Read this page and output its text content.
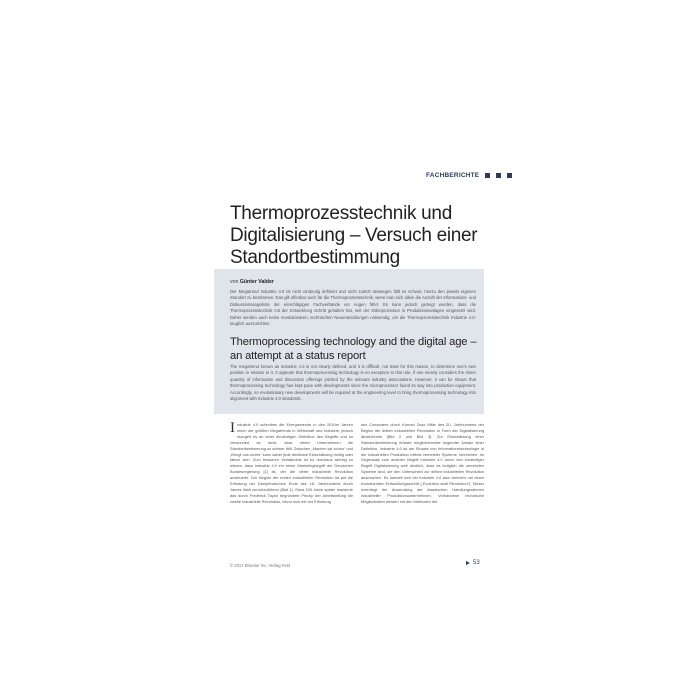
FACHBERICHTE
Thermoprozesstechnik und Digitalisierung – Versuch einer Standortbestimmung
von Günter Valder
Der Megatrend Industrie 4.0 ist nicht eindeutig definiert und nicht zuletzt deswegen fällt es schwer, hierzu den jeweils eigenen Standort zu bestimmen. Das gilt offenbar auch für die Thermoprozesstechnik, wenn man sich allein die Anzahl der Informations- und Diskussionsangebote der einschlägigen Fachverbände vor Augen führt. Es kann jedoch gezeigt werden, dass die Thermoprozesstechnik mit der Entwicklung Schritt gehalten hat, seit der Mikroprozessor in Produktionsanlagen eingesetzt wird. Daher werden auch keine revolutionären, technischen Neuentwicklungen notwendig, um die Thermoprozesstechnik Industrie 4.0-tauglich auszurichten.
Thermoprocessing technology and the digital age – an attempt at a status report
The megatrend known as Industrie 4.0 is not clearly defined, and it is difficult, not least for this reason, to determine one's own position in relation to it. It appears that thermoprocessing technology is no exception to this rule, if one merely considers the sheer quantity of information and discussion offerings pitched by the relevant industry associations. However, it can be shown that thermoprocessing technology has kept pace with developments since the microprocessor found its way into production equipment. Accordingly, no revolutionary new developments will be required at the engineering level to bring thermoprocessing technology into alignment with Industrie 4.0 standards.
I ndustrie 4.0 schreiben die Energiewende in den 2010er Jahren einen der größten Megatrends in Wirtschaft und Industrie, jedoch mangelt es an einer eindeutigen Definition des Begriffs und so verwundert es nicht, dass vielen Unternehmen die Standortbestimmung so schwer fällt. Zwischen „Machen wir schon“ und „Bringt uns nichts“ kann daher jede denkbare Einschätzung richtig oder falsch sein. Zum besseren Verständnis ist es durchaus wichtig zu wissen, dass Industrie 4.0 ein reiner Marketingbegriff der Deutschen Bundesregierung [1] ist, der die vierte industrielle Revolution ansteuerte. Der Beginn der ersten industriellen Revolution ist auf die Erfindung der Dampfmaschine Ende des 18. Jahrhunderts durch James Watt zurückzuführen (Bild 1). Etwa 100 Jahre später markierte das durch Frederick Taylor begründete Prinzip der Arbeitsteilung die zweite industrielle Revolution, bevor sich mit der Erfindung
des Computers durch Konrad Zuse Mitte des 20. Jahrhunderts der Beginn der dritten industriellen Revolution in Form der Digitalisierung abzeichnete (Bild 2 und Bild 3). Zur Einschätzung einer Standortbestimmung müsste möglicherweise folgender Ansatz einer Definition, Industrie 4.0 ist der Einsatz von Informationstechnologie in der industriellen Produktion mittels vernetzter Systeme, hinreichen. Im Gegensatz zum anderen Begriff Industrie 4.0 durch den eindeutiger Begriff Digitalisierung weit deutlich, dass es lediglich die vernetzten Systeme sind, die den Unterschied zur dritten industriellen Revolution ausmachen. Es handelt sich bei Industrie 4.0 also vielmehr um einen evolutionären Entwicklungsschritt („Evolution statt Revolution“). Dieser unterliegt der Anwendung der klassischen Handlungsrahmen industrieller Produktionsunternehmen. Vorhandene technische Möglichkeiten werden mit den Methoden der
© 2017 Elsevier Inc. Verlag Feld	53
